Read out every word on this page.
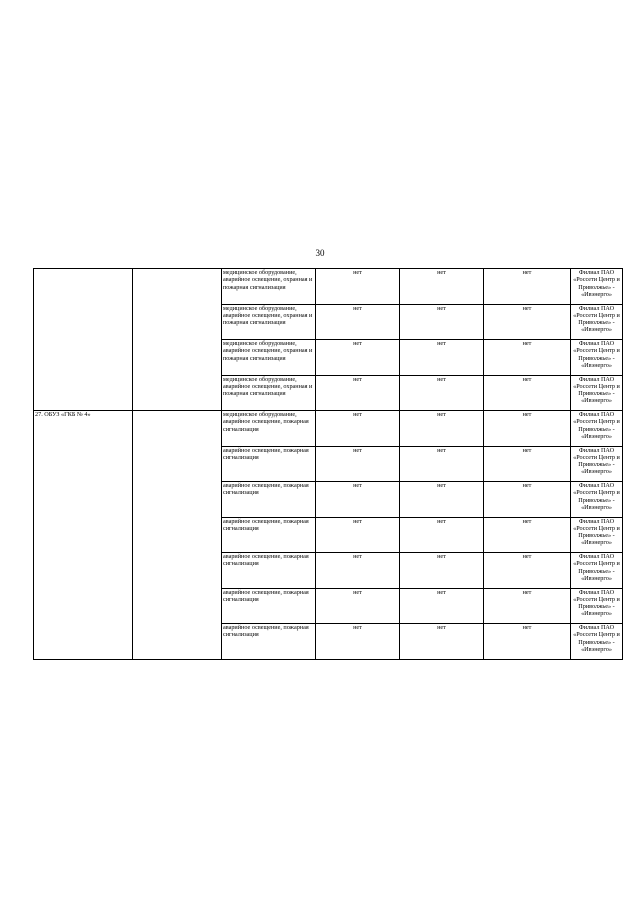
30
		медицинское оборудование, аварийное освещение, охранная и пожарная сигнализация	нет	нет	нет	Филиал ПАО «Россети Центр и Приволжье» - «Ивэнерго»
		медицинское оборудование, аварийное освещение, охранная и пожарная сигнализация	нет	нет	нет	Филиал ПАО «Россети Центр и Приволжье» - «Ивэнерго»
		медицинское оборудование, аварийное освещение, охранная и пожарная сигнализация	нет	нет	нет	Филиал ПАО «Россети Центр и Приволжье» - «Ивэнерго»
		медицинское оборудование, аварийное освещение, охранная и пожарная сигнализация	нет	нет	нет	Филиал ПАО «Россети Центр и Приволжье» - «Ивэнерго»
27. ОБУЗ «ГКБ № 4»		медицинское оборудование, аварийное освещение, пожарная сигнализация	нет	нет	нет	Филиал ПАО «Россети Центр и Приволжье» - «Ивэнерго»
		аварийное освещение, пожарная сигнализация	нет	нет	нет	Филиал ПАО «Россети Центр и Приволжье» - «Ивэнерго»
		аварийное освещение, пожарная сигнализация	нет	нет	нет	Филиал ПАО «Россети Центр и Приволжье» - «Ивэнерго»
		аварийное освещение, пожарная сигнализация	нет	нет	нет	Филиал ПАО «Россети Центр и Приволжье» - «Ивэнерго»
		аварийное освещение, пожарная сигнализация	нет	нет	нет	Филиал ПАО «Россети Центр и Приволжье» - «Ивэнерго»
		аварийное освещение, пожарная сигнализация	нет	нет	нет	Филиал ПАО «Россети Центр и Приволжье» - «Ивэнерго»
		аварийное освещение, пожарная сигнализация	нет	нет	нет	Филиал ПАО «Россети Центр и Приволжье» - «Ивэнерго»
